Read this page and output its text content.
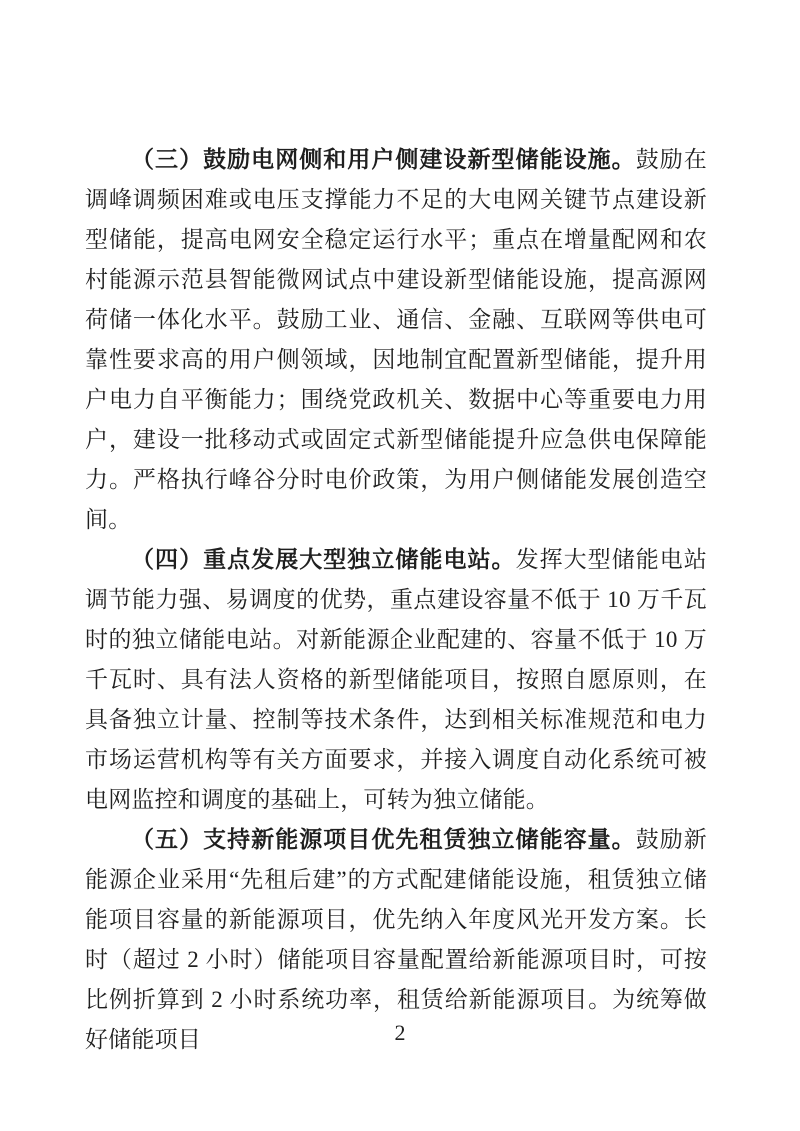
（三）鼓励电网侧和用户侧建设新型储能设施。鼓励在调峰调频困难或电压支撑能力不足的大电网关键节点建设新型储能，提高电网安全稳定运行水平；重点在增量配网和农村能源示范县智能微网试点中建设新型储能设施，提高源网荷储一体化水平。鼓励工业、通信、金融、互联网等供电可靠性要求高的用户侧领域，因地制宜配置新型储能，提升用户电力自平衡能力；围绕党政机关、数据中心等重要电力用户，建设一批移动式或固定式新型储能提升应急供电保障能力。严格执行峰谷分时电价政策，为用户侧储能发展创造空间。

（四）重点发展大型独立储能电站。发挥大型储能电站调节能力强、易调度的优势，重点建设容量不低于 10 万千瓦时的独立储能电站。对新能源企业配建的、容量不低于 10 万千瓦时、具有法人资格的新型储能项目，按照自愿原则，在具备独立计量、控制等技术条件，达到相关标准规范和电力市场运营机构等有关方面要求，并接入调度自动化系统可被电网监控和调度的基础上，可转为独立储能。

（五）支持新能源项目优先租赁独立储能容量。鼓励新能源企业采用“先租后建”的方式配建储能设施，租赁独立储能项目容量的新能源项目，优先纳入年度风光开发方案。长时（超过 2 小时）储能项目容量配置给新能源项目时，可按比例折算到 2 小时系统功率，租赁给新能源项目。为统筹做好储能项目	2
